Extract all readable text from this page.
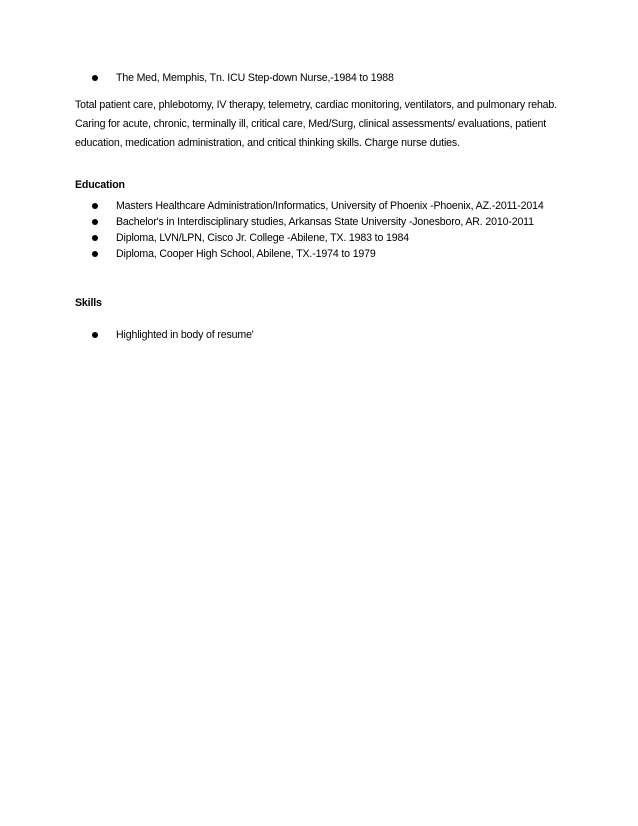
The Med, Memphis, Tn. ICU Step-down Nurse,-1984 to 1988

Total patient care, phlebotomy, IV therapy, telemetry, cardiac monitoring, ventilators, and pulmonary rehab. Caring for acute, chronic, terminally ill, critical care, Med/Surg, clinical assessments/ evaluations, patient education, medication administration, and critical thinking skills. Charge nurse duties.

Education

Masters Healthcare Administration/Informatics, University of Phoenix -Phoenix, AZ.-2011-2014
Bachelor's in Interdisciplinary studies, Arkansas State University -Jonesboro, AR. 2010-2011
Diploma, LVN/LPN, Cisco Jr. College -Abilene, TX. 1983 to 1984
Diploma, Cooper High School, Abilene, TX.-1974 to 1979

Skills

Highlighted in body of resume'
